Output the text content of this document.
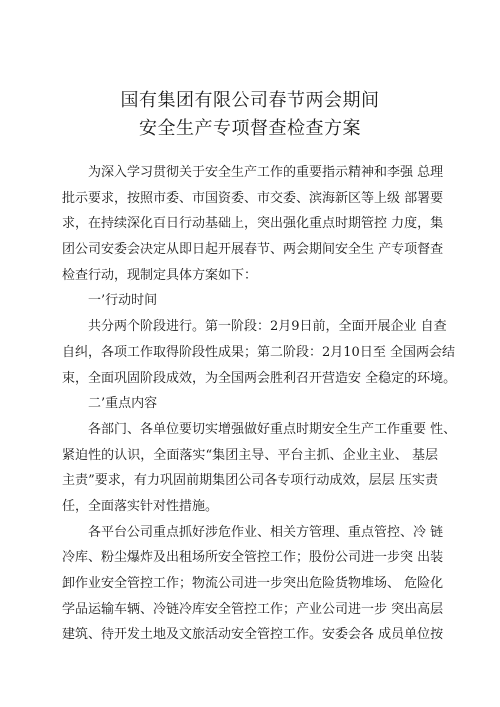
国有集团有限公司春节两会期间
安全生产专项督查检查方案
为深入学习贯彻关于安全生产工作的重要指示精神和李强 总理
批示要求，按照市委、市国资委、市交委、滨海新区等上级 部署要
求，在持续深化百日行动基础上，突出强化重点时期管控 力度，集
团公司安委会决定从即日起开展春节、两会期间安全生 产专项督查
检查行动，现制定具体方案如下：
一’行动时间
共分两个阶段进行。第一阶段：2月9日前，全面开展企业 自查
自纠，各项工作取得阶段性成果；第二阶段：2月10日至 全国两会结
束，全面巩固阶段成效，为全国两会胜利召开营造安 全稳定的环境。
二’重点内容
各部门、各单位要切实增强做好重点时期安全生产工作重要 性、
紧迫性的认识，全面落实“集团主导、平台主抓、企业主业、 基层
主责”要求，有力巩固前期集团公司各专项行动成效，层层 压实责
任，全面落实针对性措施。
各平台公司重点抓好涉危作业、相关方管理、重点管控、冷 链
冷库、粉尘爆炸及出租场所安全管控工作；股份公司进一步突 出装
卸作业安全管控工作；物流公司进一步突出危险货物堆场、 危险化
学品运输车辆、冷链冷库安全管控工作；产业公司进一步 突出高层
建筑、待开发土地及文旅活动安全管控工作。安委会各 成员单位按
